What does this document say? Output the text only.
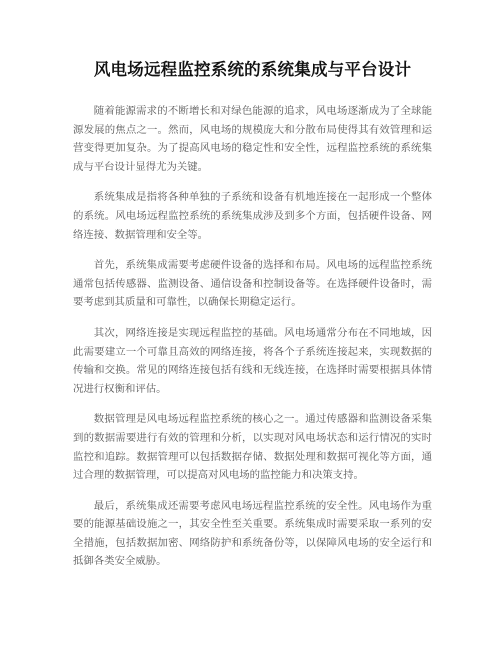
风电场远程监控系统的系统集成与平台设计

随着能源需求的不断增长和对绿色能源的追求，风电场逐渐成为了全球能源发展的焦点之一。然而，风电场的规模庞大和分散布局使得其有效管理和运营变得更加复杂。为了提高风电场的稳定性和安全性，远程监控系统的系统集成与平台设计显得尤为关键。

系统集成是指将各种单独的子系统和设备有机地连接在一起形成一个整体的系统。风电场远程监控系统的系统集成涉及到多个方面，包括硬件设备、网络连接、数据管理和安全等。

首先，系统集成需要考虑硬件设备的选择和布局。风电场的远程监控系统通常包括传感器、监测设备、通信设备和控制设备等。在选择硬件设备时，需要考虑到其质量和可靠性，以确保长期稳定运行。

其次，网络连接是实现远程监控的基础。风电场通常分布在不同地域，因此需要建立一个可靠且高效的网络连接，将各个子系统连接起来，实现数据的传输和交换。常见的网络连接包括有线和无线连接，在选择时需要根据具体情况进行权衡和评估。

数据管理是风电场远程监控系统的核心之一。通过传感器和监测设备采集到的数据需要进行有效的管理和分析，以实现对风电场状态和运行情况的实时监控和追踪。数据管理可以包括数据存储、数据处理和数据可视化等方面，通过合理的数据管理，可以提高对风电场的监控能力和决策支持。

最后，系统集成还需要考虑风电场远程监控系统的安全性。风电场作为重要的能源基础设施之一，其安全性至关重要。系统集成时需要采取一系列的安全措施，包括数据加密、网络防护和系统备份等，以保障风电场的安全运行和抵御各类安全威胁。
